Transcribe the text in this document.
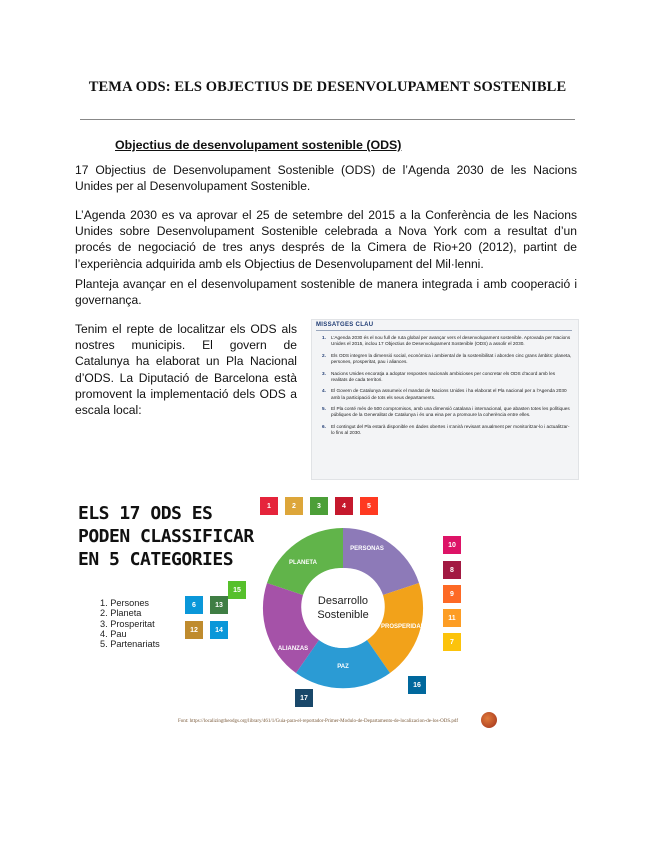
TEMA ODS: ELS OBJECTIUS DE DESENVOLUPAMENT SOSTENIBLE
Objectius de desenvolupament sostenible (ODS)
17 Objectius de Desenvolupament Sostenible (ODS) de l’Agenda 2030 de les Nacions Unides per al Desenvolupament Sostenible.
L’Agenda 2030 es va aprovar el 25 de setembre del 2015 a la Conferència de les Nacions Unides sobre Desenvolupament Sostenible celebrada a Nova York com a resultat d’un procés de negociació de tres anys després de la Cimera de Rio+20 (2012), partint de l’experiència adquirida amb els Objectius de Desenvolupament del Mil·lenni.
Planteja avançar en el desenvolupament sostenible de manera integrada i amb cooperació i governança.
Tenim el repte de localitzar els ODS als nostres municipis. El govern de Catalunya ha elaborat un Pla Nacional d’ODS. La Diputació de Barcelona està promovent la implementació dels ODS a escala local:
MISSATGES CLAU
1.	L’Agenda 2030 és el nou full de ruta global per avançar vers el desenvolupament sostenible. Aprovada per Nacions Unides el 2015, inclou 17 Objectius de Desenvolupament Sostenible (ODS) a assolir el 2030.
2.	Els ODS integren la dimensió social, econòmica i ambiental de la sostenibilitat i aborden cinc grans àmbits: planeta, persones, prosperitat, pau i aliances.
3.	Nacions Unides encoratja a adoptar respostes nacionals ambicioses per concretar els ODS d’acord amb les realitats de cada territori.
4.	El Govern de Catalunya assumeix el mandat de Nacions Unides i ha elaborat el Pla nacional per a l’Agenda 2030 amb la participació de tots els seus departaments.
5.	El Pla conté més de 500 compromisos, amb una dimensió catalana i internacional, que abasten totes les polítiques públiques de la Generalitat de Catalunya i és una eina per a promoure la coherència entre elles.
6.	El contingut del Pla estarà disponible en dades obertes i s’anirà revisant anualment per monitoritzar-lo i actualitzar-lo fins al 2030.
ELS 17 ODS ES
PODEN CLASSIFICAR
EN 5 CATEGORIES
1. Persones
2. Planeta
3. Prosperitat
4. Pau
5. Partenariats
1	2	3	4	5
10
8
9
11
7
16
17
6
12
13
14
15
Desarrollo
Sostenible
PERSONAS
PROSPERIDAD
PAZ
ALIANZAS
PLANETA
Font: https://localizingtheodgs.org/library/461/1/Guia-para-el-reportador-Primer-Modulo-de-Departamento-de-localizacion-de-los-ODS.pdf
